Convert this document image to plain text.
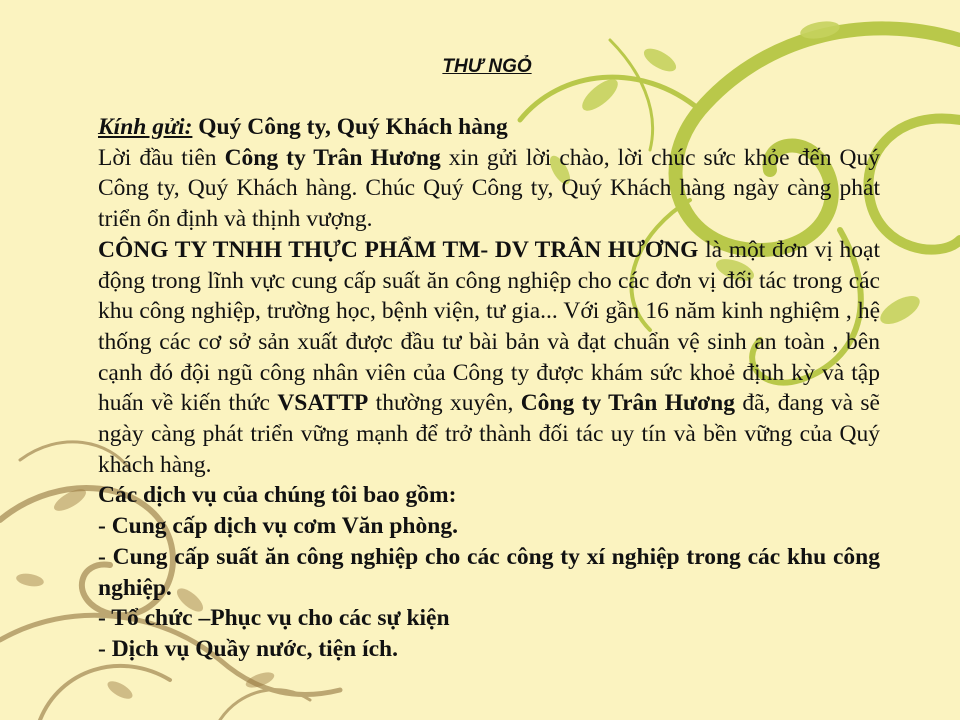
THƯ NGỎ

Kính gửi: Quý Công ty, Quý Khách hàng

Lời đầu tiên Công ty Trân Hương xin gửi lời chào, lời chúc sức khỏe đến Quý Công ty, Quý Khách hàng. Chúc Quý Công ty, Quý Khách hàng ngày càng phát triển ổn định và thịnh vượng.

CÔNG TY TNHH THỰC PHẨM TM- DV TRÂN HƯƠNG là một đơn vị hoạt động trong lĩnh vực cung cấp suất ăn công nghiệp cho các đơn vị đối tác trong các khu công nghiệp, trường học, bệnh viện, tư gia... Với gần 16 năm kinh nghiệm , hệ thống các cơ sở sản xuất được đầu tư bài bản và đạt chuẩn vệ sinh an toàn , bên cạnh đó đội ngũ công nhân viên của Công ty được khám sức khoẻ định kỳ và tập huấn về kiến thức VSATTP thường xuyên, Công ty Trân Hương đã, đang và sẽ ngày càng phát triển vững mạnh để trở thành đối tác uy tín và bền vững của Quý khách hàng.

Các dịch vụ của chúng tôi bao gồm:

- Cung cấp dịch vụ cơm Văn phòng.

- Cung cấp suất ăn công nghiệp cho các công ty xí nghiệp trong các khu công nghiệp.

- Tổ chức –Phục vụ cho các sự kiện

- Dịch vụ Quầy nước, tiện ích.
